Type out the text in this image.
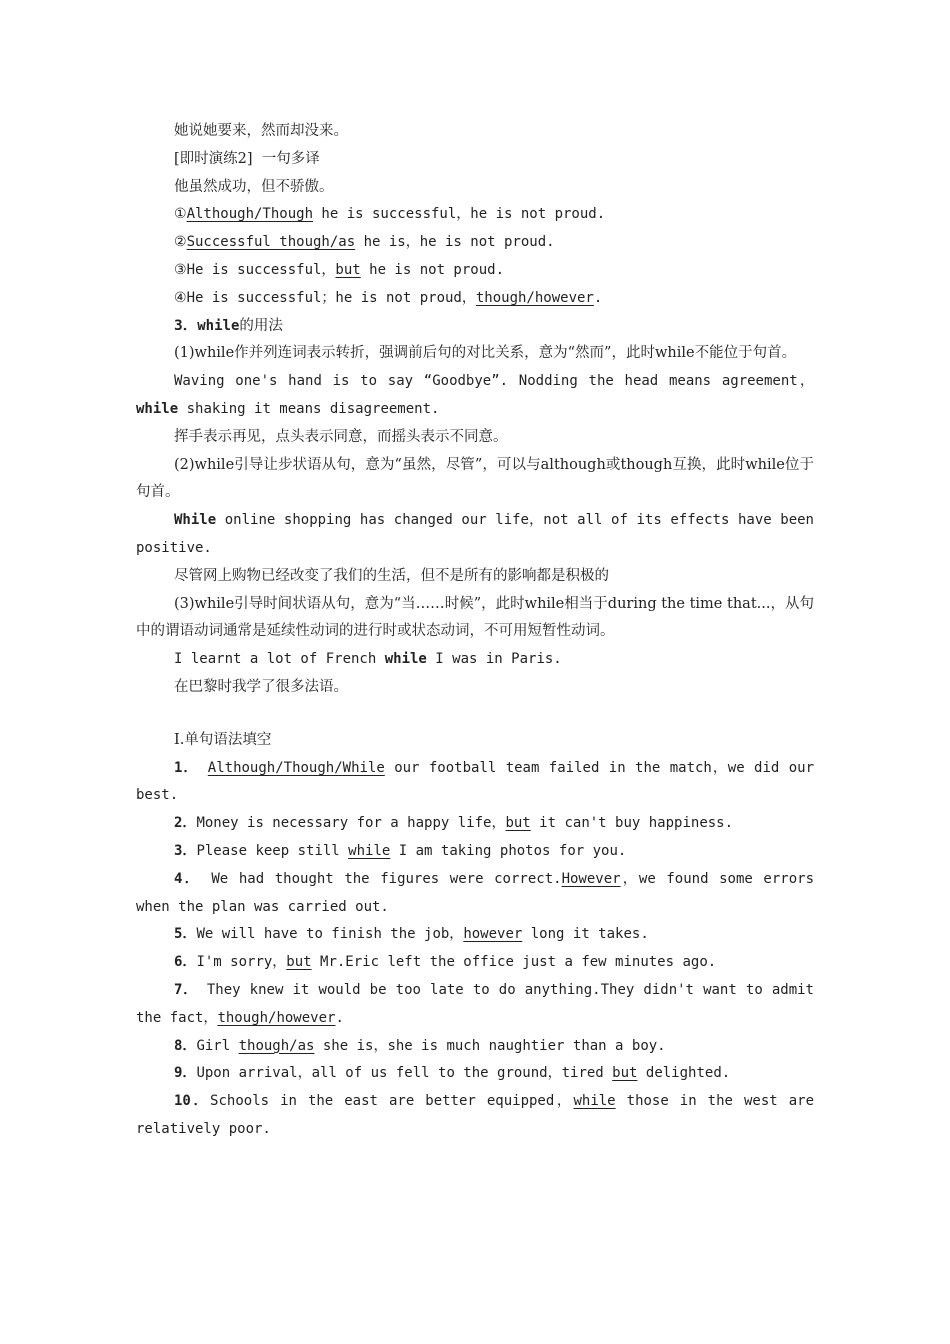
她说她要来，然而却没来。

[即时演练2] 一句多译

他虽然成功，但不骄傲。

①Although/Though he is successful，he is not proud.

②Successful though/as he is，he is not proud.

③He is successful，but he is not proud.

④He is successful；he is not proud，though/however.

3．while的用法

(1)while作并列连词表示转折，强调前后句的对比关系，意为“然而”，此时while不能位于句首。

Waving one's hand is to say “Goodbye”. Nodding the head means agreement，while shaking it means disagreement.

挥手表示再见，点头表示同意，而摇头表示不同意。

(2)while引导让步状语从句，意为“虽然，尽管”，可以与although或though互换，此时while位于句首。

While online shopping has changed our life，not all of its effects have been positive.

尽管网上购物已经改变了我们的生活，但不是所有的影响都是积极的

(3)while引导时间状语从句，意为“当……时候”，此时while相当于during the time that...，从句中的谓语动词通常是延续性动词的进行时或状态动词，不可用短暂性动词。

I learnt a lot of French while I was in Paris.

在巴黎时我学了很多法语。

Ⅰ.单句语法填空

1． Although/Though/While our football team failed in the match，we did our best.

2．Money is necessary for a happy life，but it can't buy happiness.

3．Please keep still while I am taking photos for you.

4． We had thought the figures were correct.However，we found some errors when the plan was carried out.

5．We will have to finish the job，however long it takes.

6．I'm sorry，but Mr.Eric left the office just a few minutes ago.

7． They knew it would be too late to do anything.They didn't want to admit the fact，though/however.

8．Girl though/as she is，she is much naughtier than a boy.

9．Upon arrival，all of us fell to the ground，tired but delighted.

10．Schools in the east are better equipped，while those in the west are relatively poor.
